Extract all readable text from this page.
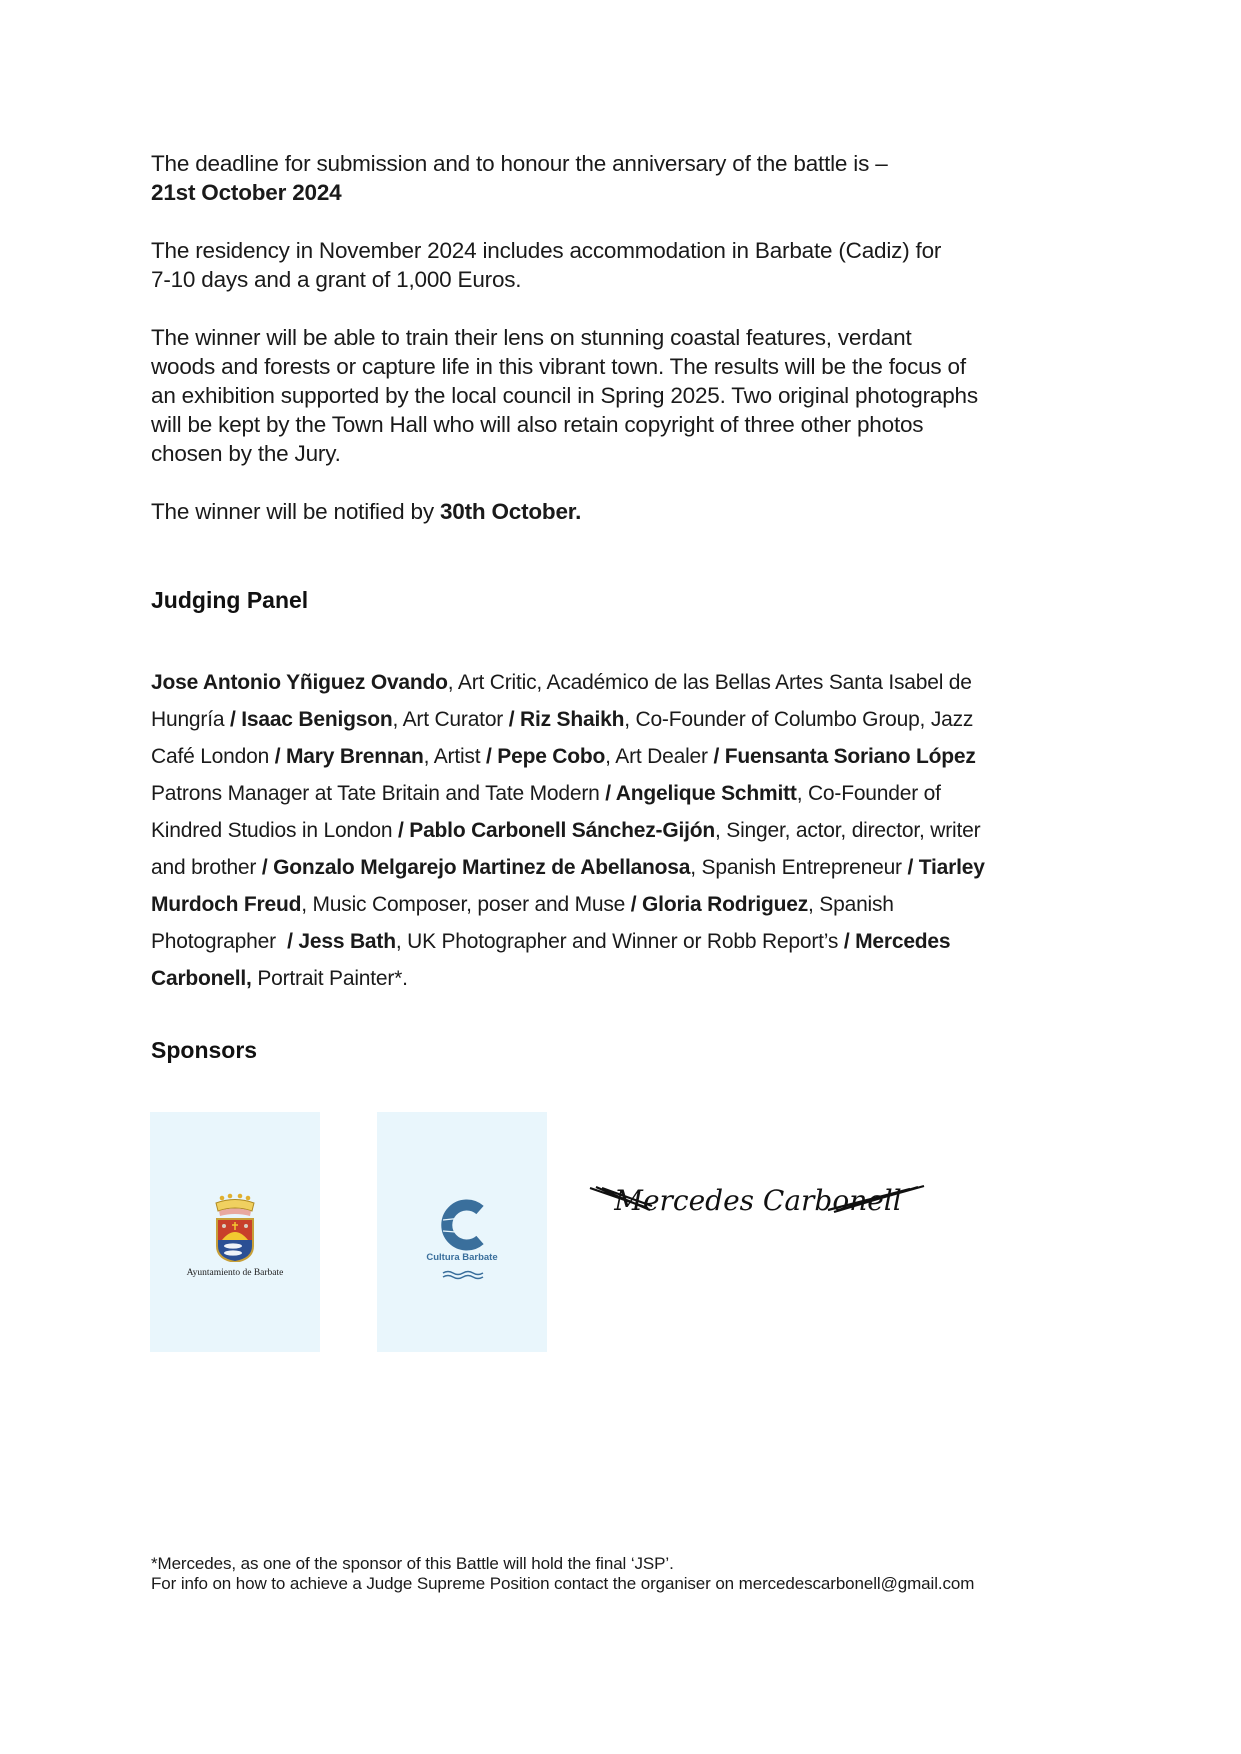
The deadline for submission and to honour the anniversary of the battle is –
21st October 2024
The residency in November 2024 includes accommodation in Barbate (Cadiz) for
7-10 days and a grant of 1,000 Euros.
The winner will be able to train their lens on stunning coastal features, verdant
woods and forests or capture life in this vibrant town. The results will be the focus of
an exhibition supported by the local council in Spring 2025. Two original photographs
will be kept by the Town Hall who will also retain copyright of three other photos
chosen by the Jury.
The winner will be notified by 30th October.
Judging Panel
Jose Antonio Yñiguez Ovando, Art Critic, Académico de las Bellas Artes Santa Isabel de
Hungría / Isaac Benigson, Art Curator / Riz Shaikh, Co-Founder of Columbo Group, Jazz
Café London / Mary Brennan, Artist / Pepe Cobo, Art Dealer / Fuensanta Soriano López
Patrons Manager at Tate Britain and Tate Modern / Angelique Schmitt, Co-Founder of
Kindred Studios in London / Pablo Carbonell Sánchez-Gijón, Singer, actor, director, writer
and brother / Gonzalo Melgarejo Martinez de Abellanosa, Spanish Entrepreneur / Tiarley
Murdoch Freud, Music Composer, poser and Muse / Gloria Rodriguez, Spanish
Photographer  / Jess Bath, UK Photographer and Winner or Robb Report’s / Mercedes
Carbonell, Portrait Painter*.
Sponsors
Ayuntamiento de Barbate
Cultura Barbate
Mercedes Carbonell
*Mercedes, as one of the sponsor of this Battle will hold the final ‘JSP’.
For info on how to achieve a Judge Supreme Position contact the organiser on mercedescarbonell@gmail.com
